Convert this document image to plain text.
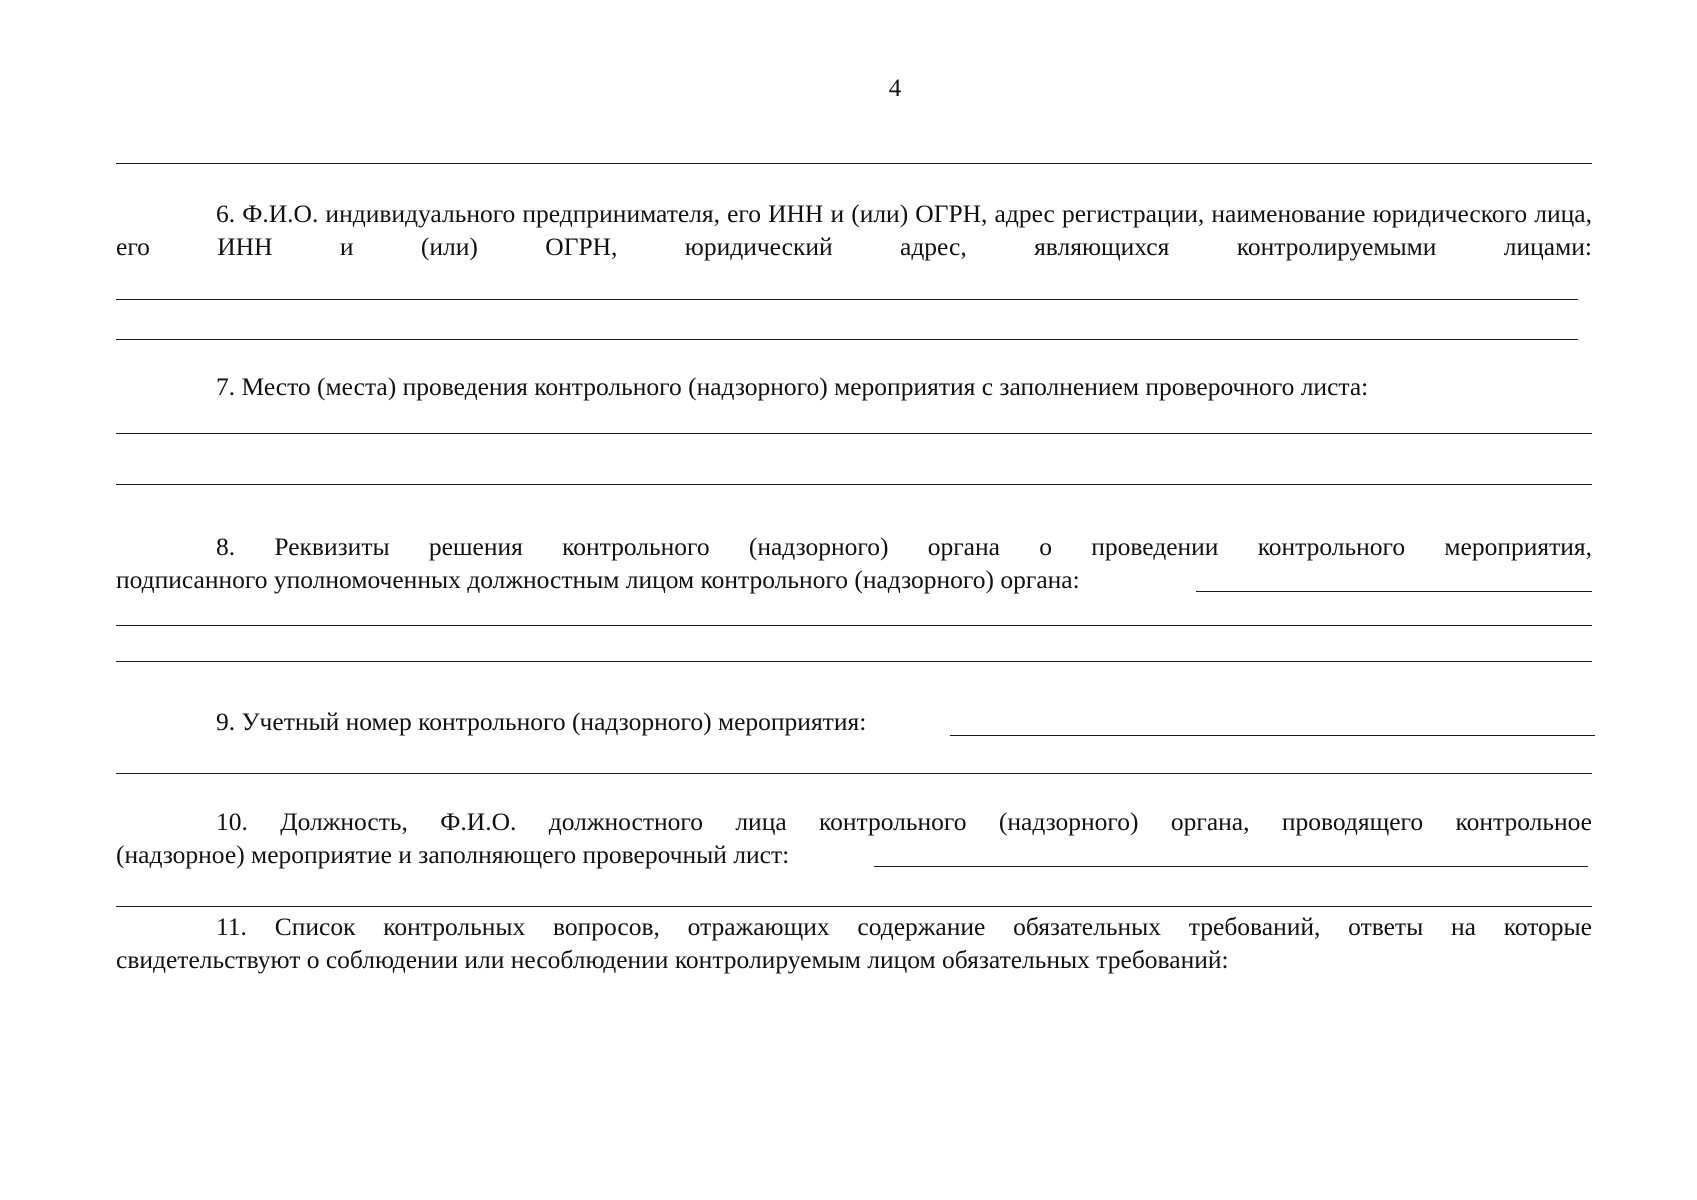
4
6. Ф.И.О. индивидуального предпринимателя, его ИНН и (или) ОГРН, адрес регистрации, наименование юридического лица, его ИНН и (или) ОГРН, юридический адрес, являющихся контролируемыми лицами:
7. Место (места) проведения контрольного (надзорного) мероприятия с заполнением проверочного листа:
8. Реквизиты решения контрольного (надзорного) органа о проведении контрольного мероприятия,
подписанного уполномоченных должностным лицом контрольного (надзорного) органа:
9. Учетный номер контрольного (надзорного) мероприятия:
10. Должность, Ф.И.О. должностного лица контрольного (надзорного) органа, проводящего контрольное
(надзорное) мероприятие и заполняющего проверочный лист:
11. Список контрольных вопросов, отражающих содержание обязательных требований, ответы на которые
свидетельствуют о соблюдении или несоблюдении контролируемым лицом обязательных требований:
